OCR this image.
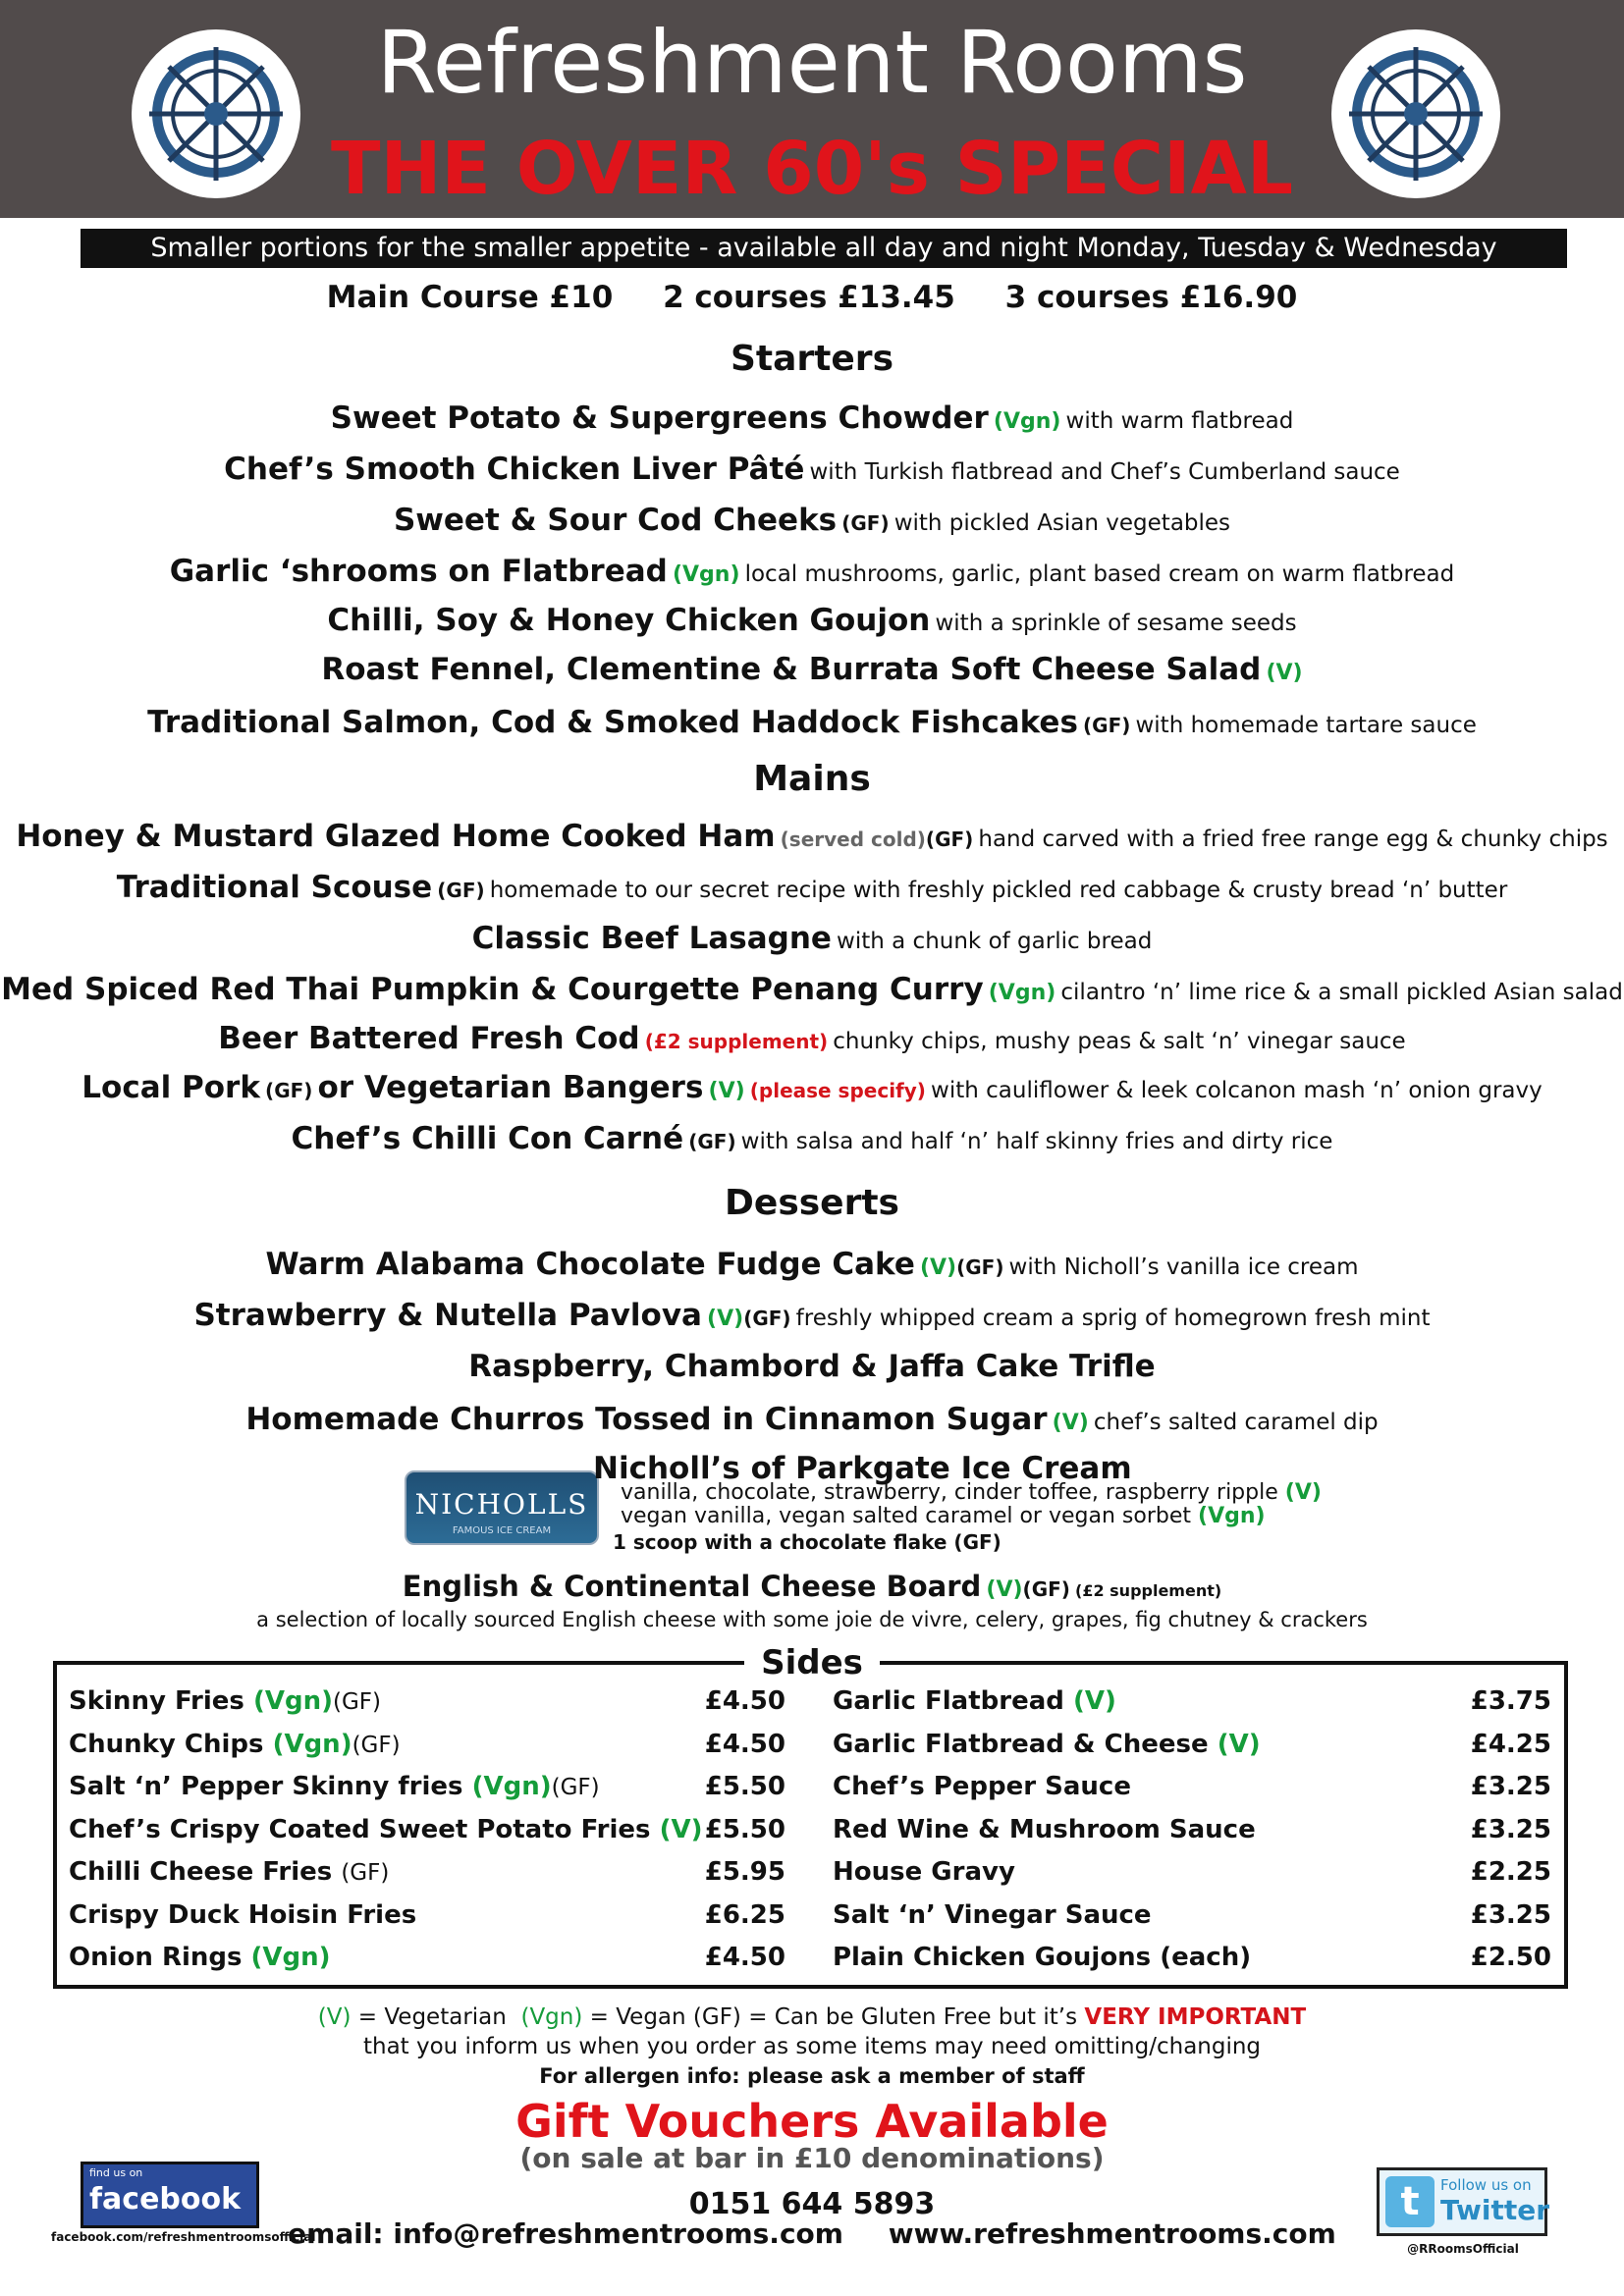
Refreshment Rooms
THE OVER 60's SPECIAL
Smaller portions for the smaller appetite - available all day and night Monday, Tuesday & Wednesday
Main Course £10 2 courses £13.45 3 courses £16.90
Starters
Sweet Potato & Supergreens Chowder (Vgn) with warm flatbread
Chef’s Smooth Chicken Liver Pâté with Turkish flatbread and Chef’s Cumberland sauce
Sweet & Sour Cod Cheeks (GF) with pickled Asian vegetables
Garlic ‘shrooms on Flatbread (Vgn) local mushrooms, garlic, plant based cream on warm flatbread
Chilli, Soy & Honey Chicken Goujon with a sprinkle of sesame seeds
Roast Fennel, Clementine & Burrata Soft Cheese Salad (V)
Traditional Salmon, Cod & Smoked Haddock Fishcakes (GF) with homemade tartare sauce
Mains
Honey & Mustard Glazed Home Cooked Ham (served cold)(GF) hand carved with a fried free range egg & chunky chips
Traditional Scouse (GF) homemade to our secret recipe with freshly pickled red cabbage & crusty bread ‘n’ butter
Classic Beef Lasagne with a chunk of garlic bread
Med Spiced Red Thai Pumpkin & Courgette Penang Curry (Vgn) cilantro ‘n’ lime rice & a small pickled Asian salad
Beer Battered Fresh Cod (£2 supplement) chunky chips, mushy peas & salt ‘n’ vinegar sauce
Local Pork (GF) or Vegetarian Bangers (V) (please specify) with cauliflower & leek colcanon mash ‘n’ onion gravy
Chef’s Chilli Con Carné (GF) with salsa and half ‘n’ half skinny fries and dirty rice
Desserts
Warm Alabama Chocolate Fudge Cake (V)(GF) with Nicholl’s vanilla ice cream
Strawberry & Nutella Pavlova (V)(GF) freshly whipped cream a sprig of homegrown fresh mint
Raspberry, Chambord & Jaffa Cake Trifle
Homemade Churros Tossed in Cinnamon Sugar (V) chef’s salted caramel dip
NICHOLLS
FAMOUS ICE CREAM
Nicholl’s of Parkgate Ice Cream
vanilla, chocolate, strawberry, cinder toffee, raspberry ripple (V)
vegan vanilla, vegan salted caramel or vegan sorbet (Vgn)
1 scoop with a chocolate flake (GF)
English & Continental Cheese Board (V)(GF) (£2 supplement)
a selection of locally sourced English cheese with some joie de vivre, celery, grapes, fig chutney & crackers
Sides
Skinny Fries (Vgn)(GF)	£4.50
Chunky Chips (Vgn)(GF)	£4.50
Salt ‘n’ Pepper Skinny fries (Vgn)(GF)	£5.50
Chef’s Crispy Coated Sweet Potato Fries (V) £5.50
Chilli Cheese Fries (GF)	£5.95
Crispy Duck Hoisin Fries	£6.25
Onion Rings (Vgn)	£4.50
Garlic Flatbread (V)	£3.75
Garlic Flatbread & Cheese (V)	£4.25
Chef’s Pepper Sauce	£3.25
Red Wine & Mushroom Sauce	£3.25
House Gravy	£2.25
Salt ‘n’ Vinegar Sauce	£3.25
Plain Chicken Goujons (each)	£2.50
(V) = Vegetarian (Vgn) = Vegan (GF) = Can be Gluten Free but it’s VERY IMPORTANT
that you inform us when you order as some items may need omitting/changing
For allergen info: please ask a member of staff
Gift Vouchers Available
(on sale at bar in £10 denominations)
0151 644 5893
email: info@refreshmentrooms.com www.refreshmentrooms.com
find us on
facebook
facebook.com/refreshmentroomsofficial
t	Follow us on
Twitter
@RRoomsOfficial
